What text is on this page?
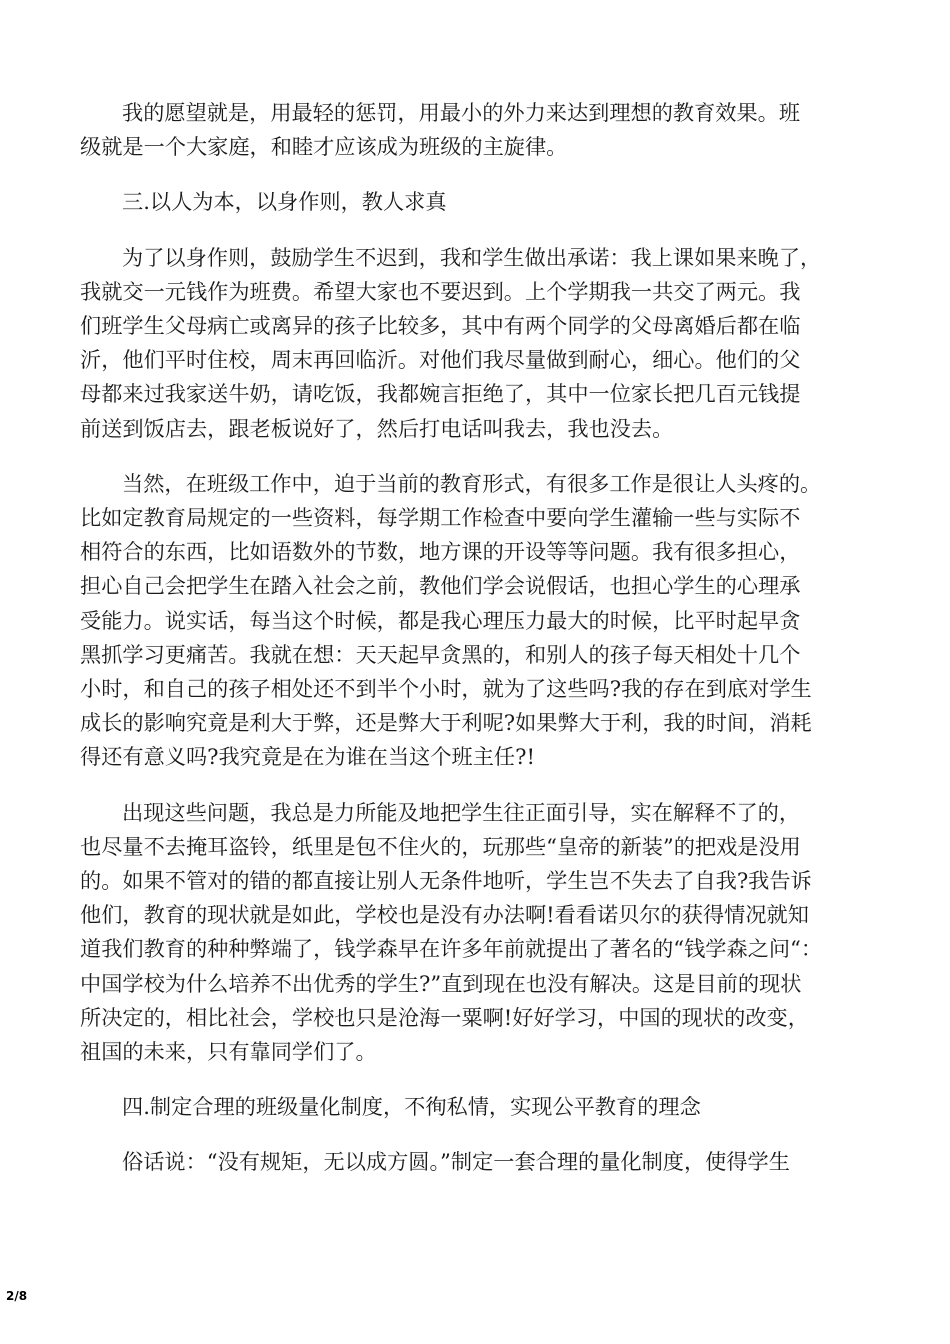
我的愿望就是，用最轻的惩罚，用最小的外力来达到理想的教育效果。班
级就是一个大家庭，和睦才应该成为班级的主旋律。
三.以人为本，以身作则，教人求真
为了以身作则，鼓励学生不迟到，我和学生做出承诺：我上课如果来晚了，
我就交一元钱作为班费。希望大家也不要迟到。上个学期我一共交了两元。我
们班学生父母病亡或离异的孩子比较多，其中有两个同学的父母离婚后都在临
沂，他们平时住校，周末再回临沂。对他们我尽量做到耐心，细心。他们的父
母都来过我家送牛奶，请吃饭，我都婉言拒绝了，其中一位家长把几百元钱提
前送到饭店去，跟老板说好了，然后打电话叫我去，我也没去。
当然，在班级工作中，迫于当前的教育形式，有很多工作是很让人头疼的。
比如定教育局规定的一些资料，每学期工作检查中要向学生灌输一些与实际不
相符合的东西，比如语数外的节数，地方课的开设等等问题。我有很多担心，
担心自己会把学生在踏入社会之前，教他们学会说假话，也担心学生的心理承
受能力。说实话，每当这个时候，都是我心理压力最大的时候，比平时起早贪
黑抓学习更痛苦。我就在想：天天起早贪黑的，和别人的孩子每天相处十几个
小时，和自己的孩子相处还不到半个小时，就为了这些吗?我的存在到底对学生
成长的影响究竟是利大于弊，还是弊大于利呢?如果弊大于利，我的时间，消耗
得还有意义吗?我究竟是在为谁在当这个班主任?!
出现这些问题，我总是力所能及地把学生往正面引导，实在解释不了的，
也尽量不去掩耳盗铃，纸里是包不住火的，玩那些“皇帝的新装”的把戏是没用
的。如果不管对的错的都直接让别人无条件地听，学生岂不失去了自我?我告诉
他们，教育的现状就是如此，学校也是没有办法啊!看看诺贝尔的获得情况就知
道我们教育的种种弊端了，钱学森早在许多年前就提出了著名的“钱学森之问“：
中国学校为什么培养不出优秀的学生?”直到现在也没有解决。这是目前的现状
所决定的，相比社会，学校也只是沧海一粟啊!好好学习，中国的现状的改变，
祖国的未来，只有靠同学们了。
四.制定合理的班级量化制度，不徇私情，实现公平教育的理念
俗话说：“没有规矩，无以成方圆。”制定一套合理的量化制度，使得学生
2/8
